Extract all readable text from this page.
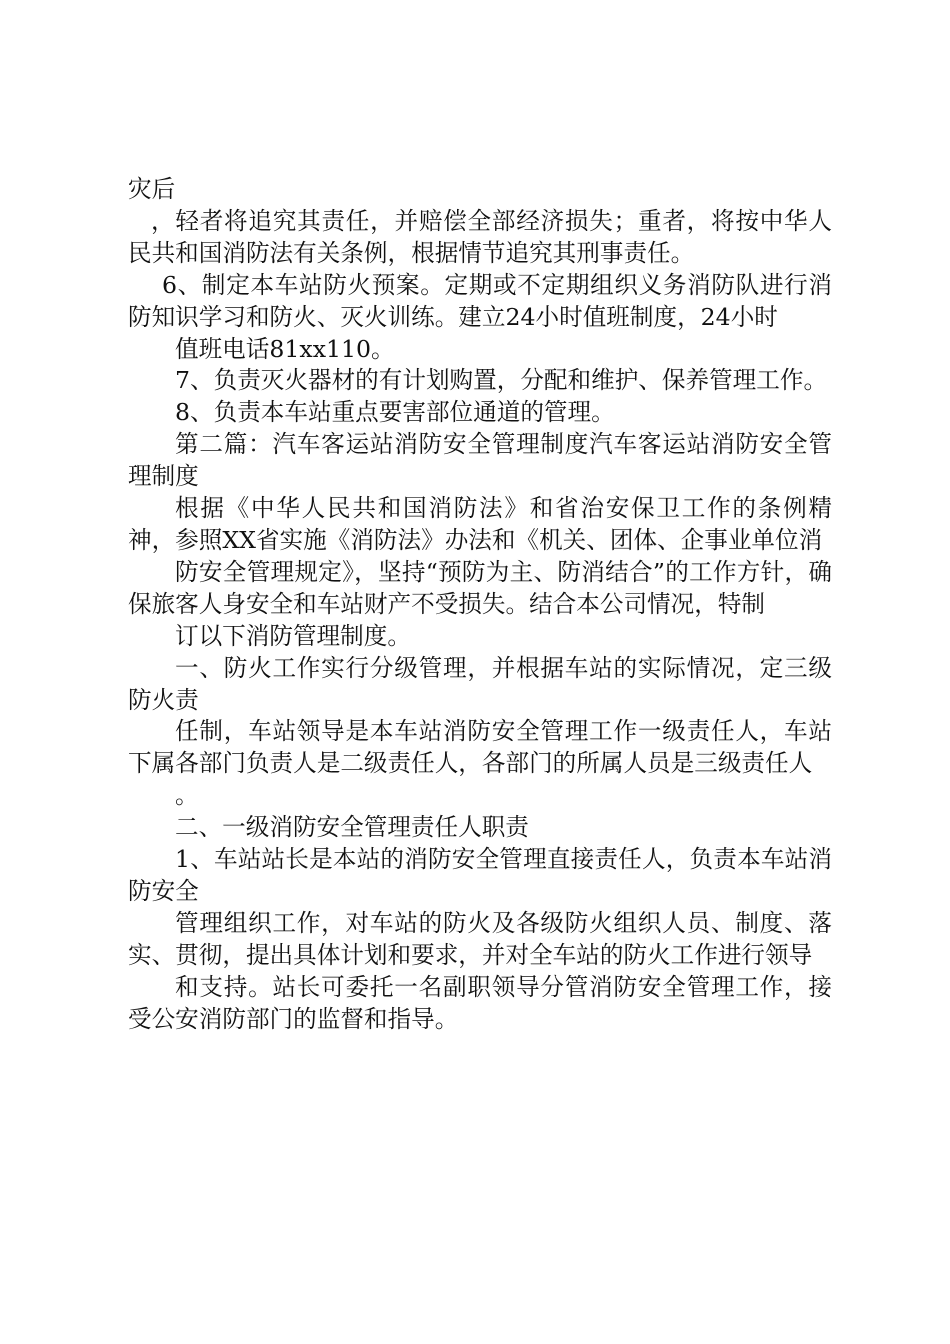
灾后

，轻者将追究其责任，并赔偿全部经济损失；重者，将按中华人民共和国消防法有关条例，根据情节追究其刑事责任。

6、制定本车站防火预案。定期或不定期组织义务消防队进行消防知识学习和防火、灭火训练。建立24小时值班制度，24小时

值班电话81xx110。

7、负责灭火器材的有计划购置，分配和维护、保养管理工作。

8、负责本车站重点要害部位通道的管理。

第二篇：汽车客运站消防安全管理制度汽车客运站消防安全管理制度

根据《中华人民共和国消防法》和省治安保卫工作的条例精神，参照XX省实施《消防法》办法和《机关、团体、企事业单位消

防安全管理规定》，坚持“预防为主、防消结合”的工作方针，确保旅客人身安全和车站财产不受损失。结合本公司情况，特制

订以下消防管理制度。

一、防火工作实行分级管理，并根据车站的实际情况，定三级防火责

任制，车站领导是本车站消防安全管理工作一级责任人，车站下属各部门负责人是二级责任人，各部门的所属人员是三级责任人

。

二、一级消防安全管理责任人职责

1、车站站长是本站的消防安全管理直接责任人，负责本车站消防安全

管理组织工作，对车站的防火及各级防火组织人员、制度、落实、贯彻，提出具体计划和要求，并对全车站的防火工作进行领导

和支持。站长可委托一名副职领导分管消防安全管理工作，接受公安消防部门的监督和指导。
